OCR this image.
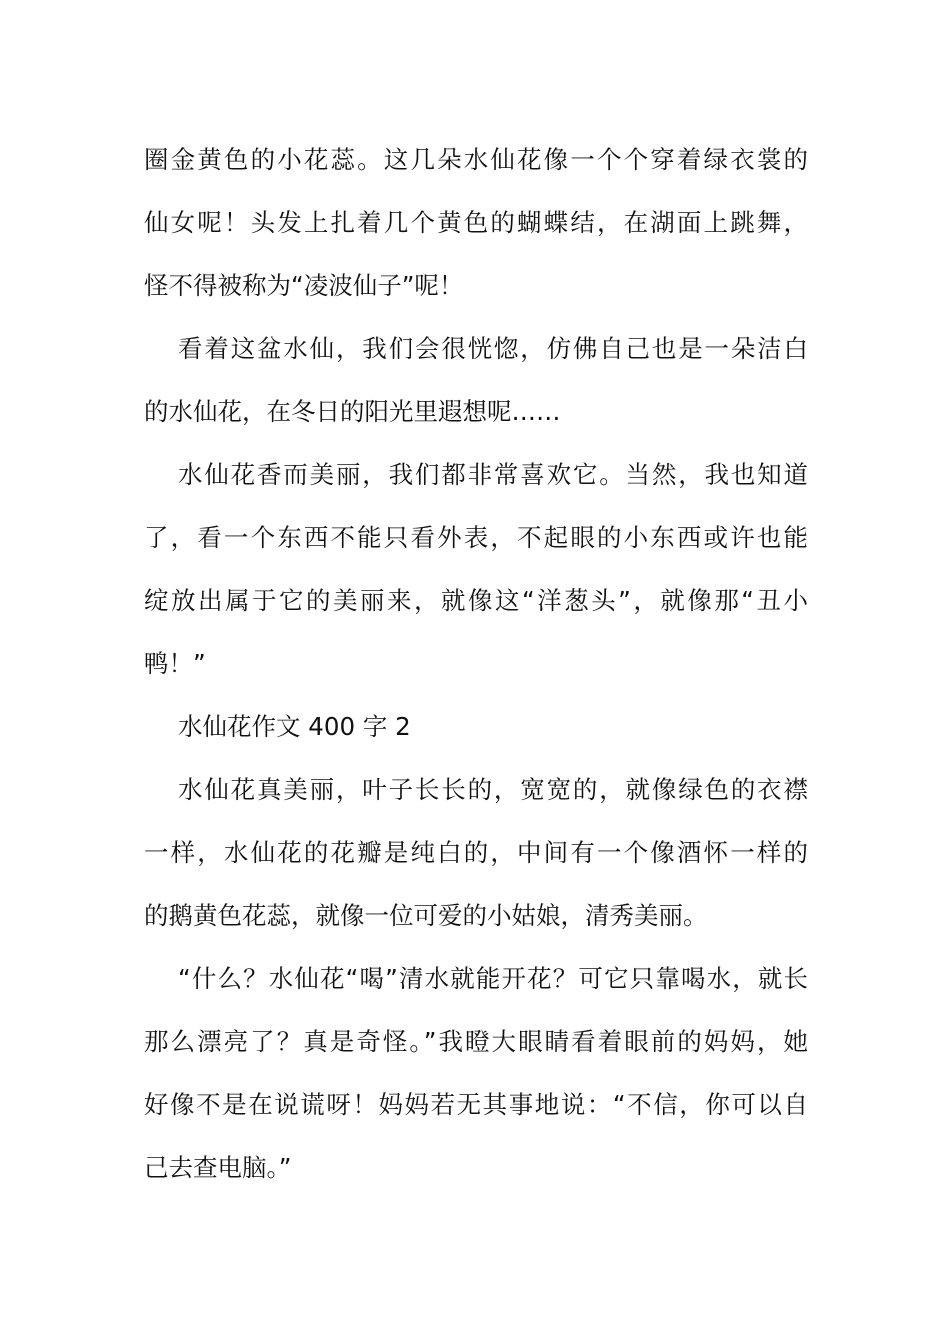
圈金黄色的小花蕊。这几朵水仙花像一个个穿着绿衣裳的
仙女呢！头发上扎着几个黄色的蝴蝶结，在湖面上跳舞，
怪不得被称为“凌波仙子”呢！
看着这盆水仙，我们会很恍惚，仿佛自己也是一朵洁白
的水仙花，在冬日的阳光里遐想呢……
水仙花香而美丽，我们都非常喜欢它。当然，我也知道
了，看一个东西不能只看外表，不起眼的小东西或许也能
绽放出属于它的美丽来，就像这“洋葱头”，就像那“丑小
鸭！”
水仙花作文 400 字 2
水仙花真美丽，叶子长长的，宽宽的，就像绿色的衣襟
一样，水仙花的花瓣是纯白的，中间有一个像酒怀一样的
的鹅黄色花蕊，就像一位可爱的小姑娘，清秀美丽。
“什么？水仙花“喝”清水就能开花？可它只靠喝水，就长
那么漂亮了？真是奇怪。”我瞪大眼睛看着眼前的妈妈，她
好像不是在说谎呀！妈妈若无其事地说：“不信，你可以自
己去查电脑。”
